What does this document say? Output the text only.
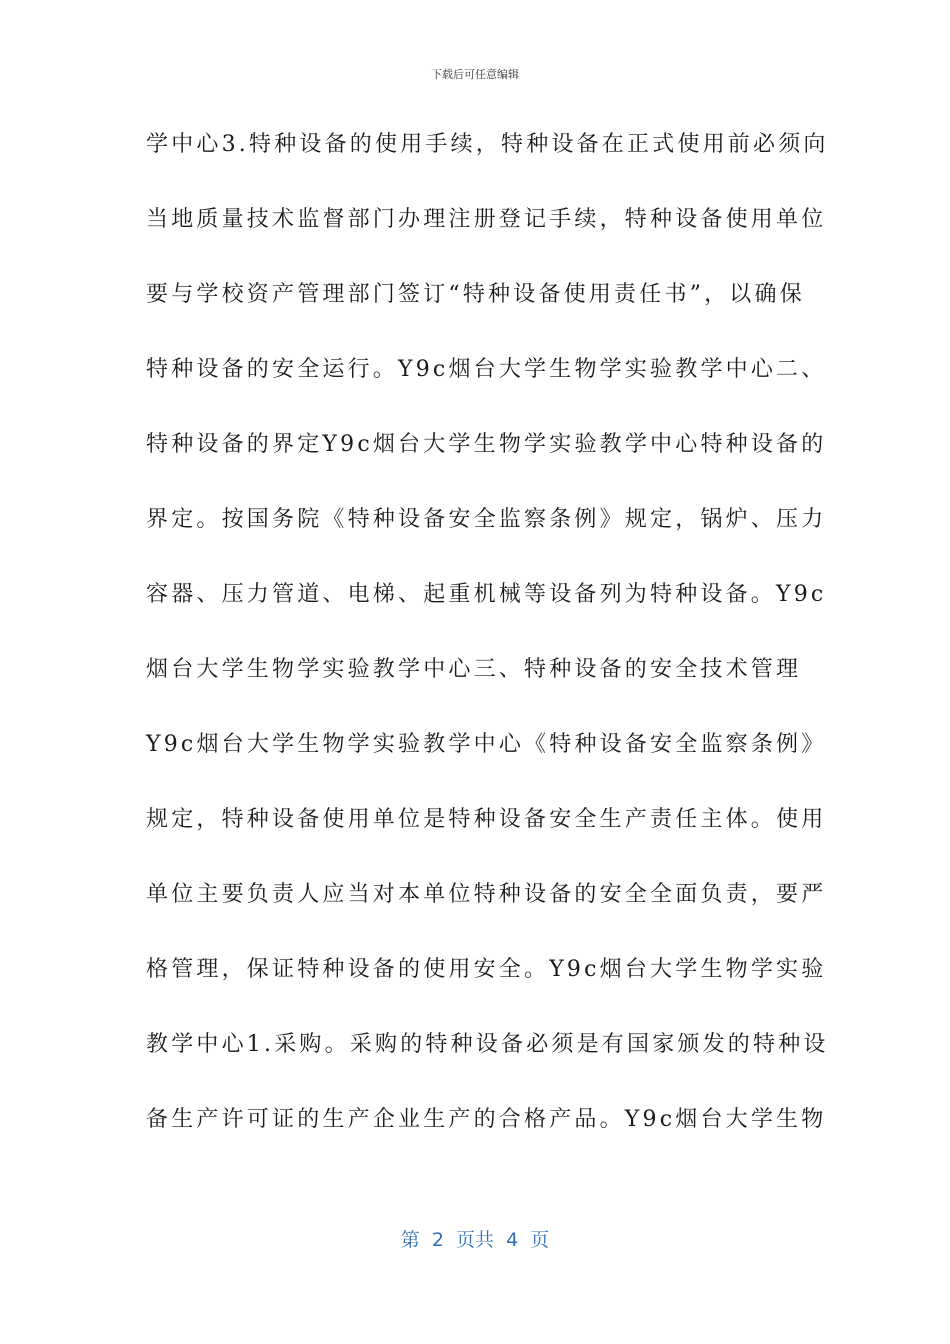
下载后可任意编辑
学中心3.特种设备的使用手续，特种设备在正式使用前必须向
当地质量技术监督部门办理注册登记手续，特种设备使用单位
要与学校资产管理部门签订“特种设备使用责任书”，以确保
特种设备的安全运行。Y9c烟台大学生物学实验教学中心二、
特种设备的界定Y9c烟台大学生物学实验教学中心特种设备的
界定。按国务院《特种设备安全监察条例》规定，锅炉、压力
容器、压力管道、电梯、起重机械等设备列为特种设备。Y9c
烟台大学生物学实验教学中心三、特种设备的安全技术管理
Y9c烟台大学生物学实验教学中心《特种设备安全监察条例》
规定，特种设备使用单位是特种设备安全生产责任主体。使用
单位主要负责人应当对本单位特种设备的安全全面负责，要严
格管理，保证特种设备的使用安全。Y9c烟台大学生物学实验
教学中心1.采购。采购的特种设备必须是有国家颁发的特种设
备生产许可证的生产企业生产的合格产品。Y9c烟台大学生物
第  2  页共  4  页
